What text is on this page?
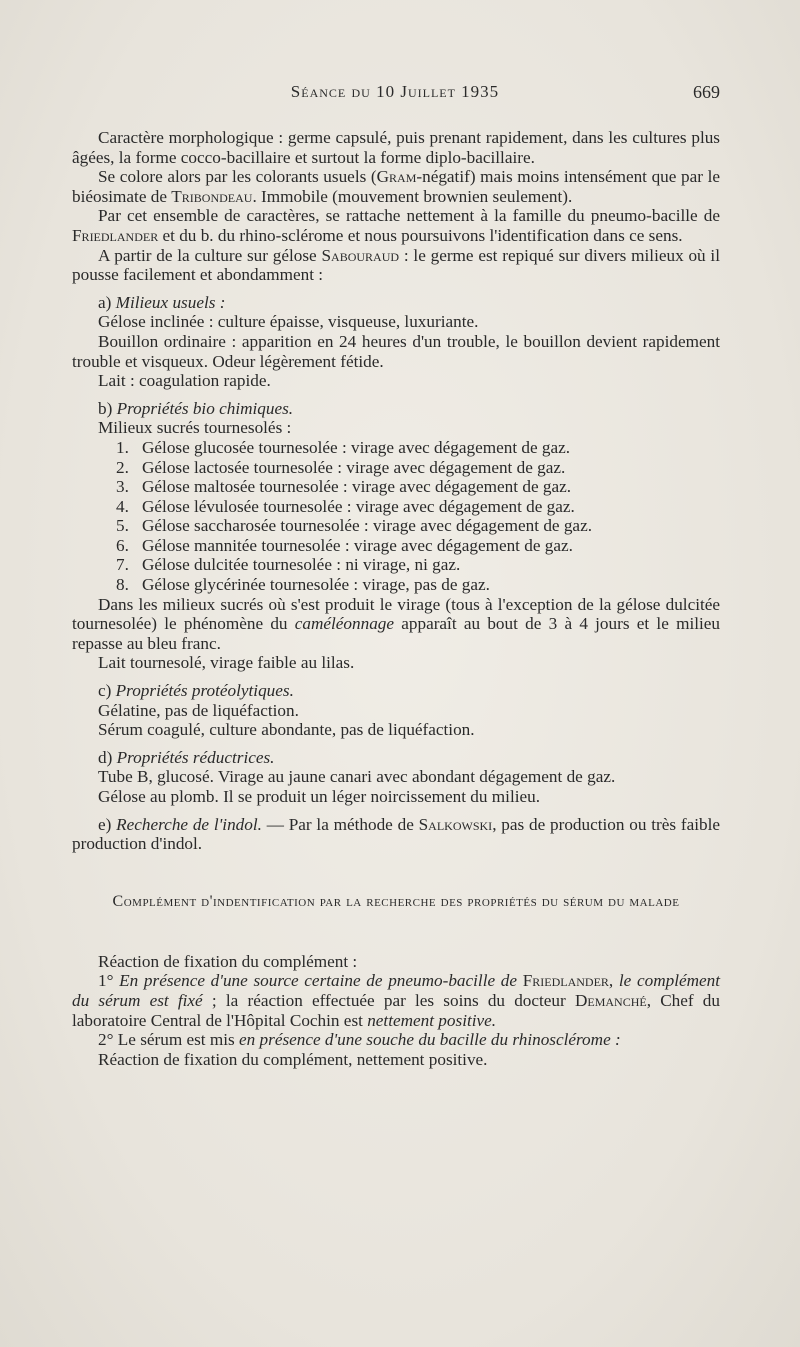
Séance du 10 Juillet 1935	669

Caractère morphologique : germe capsulé, puis prenant rapidement, dans les cultures plus âgées, la forme cocco-bacillaire et surtout la forme diplo-bacillaire.

Se colore alors par les colorants usuels (Gram-négatif) mais moins intensément que par le biéosimate de Tribondeau. Immobile (mouvement brownien seulement).

Par cet ensemble de caractères, se rattache nettement à la famille du pneumo-bacille de Friedlander et du b. du rhino-sclérome et nous poursuivons l'identification dans ce sens.

A partir de la culture sur gélose Sabouraud : le germe est repiqué sur divers milieux où il pousse facilement et abondamment :

a) Milieux usuels :

Gélose inclinée : culture épaisse, visqueuse, luxuriante.

Bouillon ordinaire : apparition en 24 heures d'un trouble, le bouillon devient rapidement trouble et visqueux. Odeur légèrement fétide.

Lait : coagulation rapide.

b) Propriétés bio chimiques.

Milieux sucrés tournesolés :

1. Gélose glucosée tournesolée : virage avec dégagement de gaz.

2. Gélose lactosée tournesolée : virage avec dégagement de gaz.

3. Gélose maltosée tournesolée : virage avec dégagement de gaz.

4. Gélose lévulosée tournesolée : virage avec dégagement de gaz.

5. Gélose saccharosée tournesolée : virage avec dégagement de gaz.

6. Gélose mannitée tournesolée : virage avec dégagement de gaz.

7. Gélose dulcitée tournesolée : ni virage, ni gaz.

8. Gélose glycérinée tournesolée : virage, pas de gaz.

Dans les milieux sucrés où s'est produit le virage (tous à l'exception de la gélose dulcitée tournesolée) le phénomène du caméléonnage apparaît au bout de 3 à 4 jours et le milieu repasse au bleu franc.

Lait tournesolé, virage faible au lilas.

c) Propriétés protéolytiques.

Gélatine, pas de liquéfaction.

Sérum coagulé, culture abondante, pas de liquéfaction.

d) Propriétés réductrices.

Tube B, glucosé. Virage au jaune canari avec abondant dégagement de gaz.

Gélose au plomb. Il se produit un léger noircissement du milieu.

e) Recherche de l'indol. — Par la méthode de Salkowski, pas de production ou très faible production d'indol.

Complément d'indentification par la recherche des propriétés du sérum du malade

Réaction de fixation du complément :

1° En présence d'une source certaine de pneumo-bacille de Friedlander, le complément du sérum est fixé ; la réaction effectuée par les soins du docteur Demanché, Chef du laboratoire Central de l'Hôpital Cochin est nettement positive.

2° Le sérum est mis en présence d'une souche du bacille du rhinosclérome :

Réaction de fixation du complément, nettement positive.
